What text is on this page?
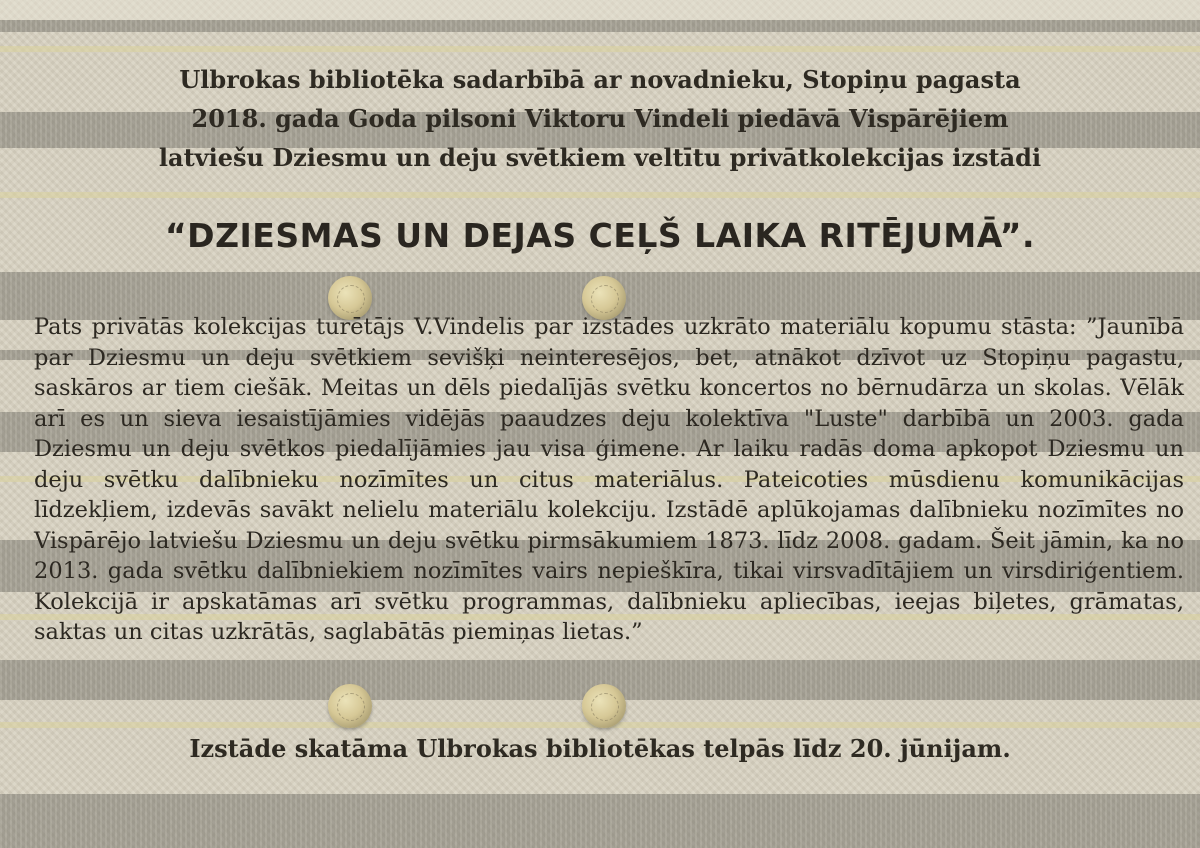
Ulbrokas bibliotēka sadarbībā ar novadnieku, Stopiņu pagasta
2018. gada Goda pilsoni Viktoru Vindeli piedāvā Vispārējiem
latviešu Dziesmu un deju svētkiem veltītu privātkolekcijas izstādi
“DZIESMAS UN DEJAS CEĻŠ LAIKA RITĒJUMĀ”.
Pats privātās kolekcijas turētājs V.Vindelis par izstādes uzkrāto materiālu kopumu stāsta: ”Jaunībā par Dziesmu un deju svētkiem sevišķi neinteresējos, bet, atnākot dzīvot uz Stopiņu pagastu, saskāros ar tiem ciešāk. Meitas un dēls piedalījās svētku koncertos no bērnudārza un skolas. Vēlāk arī es un sieva iesaistījāmies vidējās paaudzes deju kolektīva "Luste" darbībā un 2003. gada Dziesmu un deju svētkos piedalījāmies jau visa ģimene. Ar laiku radās doma apkopot Dziesmu un deju svētku dalībnieku nozīmītes un citus materiālus. Pateicoties mūsdienu komunikācijas līdzekļiem, izdevās savākt nelielu materiālu kolekciju. Izstādē aplūkojamas dalībnieku nozīmītes no Vispārējo latviešu Dziesmu un deju svētku pirmsākumiem 1873. līdz 2008. gadam. Šeit jāmin, ka no 2013. gada svētku dalībniekiem nozīmītes vairs nepieškīra, tikai virsvadītājiem un virsdiriģentiem. Kolekcijā ir apskatāmas arī svētku programmas, dalībnieku apliecības, ieejas biļetes, grāmatas, saktas un citas uzkrātās, saglabātās piemiņas lietas.”
Izstāde skatāma Ulbrokas bibliotēkas telpās līdz 20. jūnijam.
